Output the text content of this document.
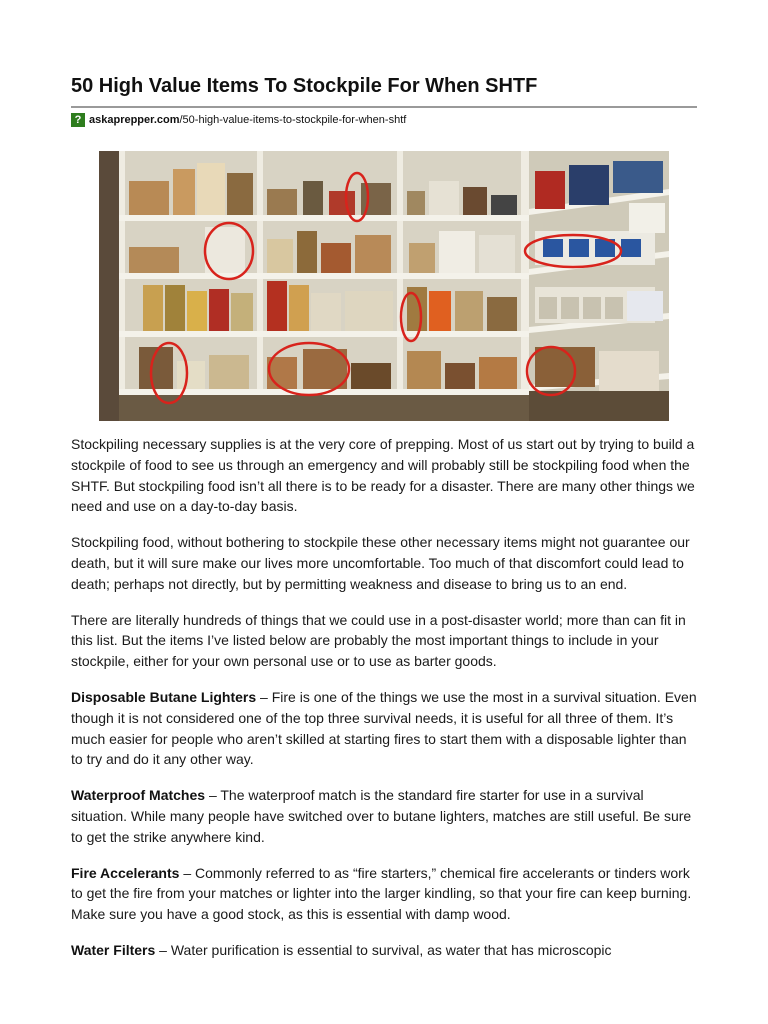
50 High Value Items To Stockpile For When SHTF
? askaprepper.com /50-high-value-items-to-stockpile-for-when-shtf

Stockpiling necessary supplies is at the very core of prepping. Most of us start out by trying to build a stockpile of food to see us through an emergency and will probably still be stockpiling food when the SHTF. But stockpiling food isn’t all there is to be ready for a disaster. There are many other things we need and use on a day-to-day basis.

Stockpiling food, without bothering to stockpile these other necessary items might not guarantee our death, but it will sure make our lives more uncomfortable. Too much of that discomfort could lead to death; perhaps not directly, but by permitting weakness and disease to bring us to an end.

There are literally hundreds of things that we could use in a post-disaster world; more than can fit in this list. But the items I’ve listed below are probably the most important things to include in your stockpile, either for your own personal use or to use as barter goods.

Disposable Butane Lighters – Fire is one of the things we use the most in a survival situation. Even though it is not considered one of the top three survival needs, it is useful for all three of them. It’s much easier for people who aren’t skilled at starting fires to start them with a disposable lighter than to try and do it any other way.

Waterproof Matches – The waterproof match is the standard fire starter for use in a survival situation. While many people have switched over to butane lighters, matches are still useful. Be sure to get the strike anywhere kind.

Fire Accelerants – Commonly referred to as “fire starters,” chemical fire accelerants or tinders work to get the fire from your matches or lighter into the larger kindling, so that your fire can keep burning. Make sure you have a good stock, as this is essential with damp wood.

Water Filters – Water purification is essential to survival, as water that has microscopic
